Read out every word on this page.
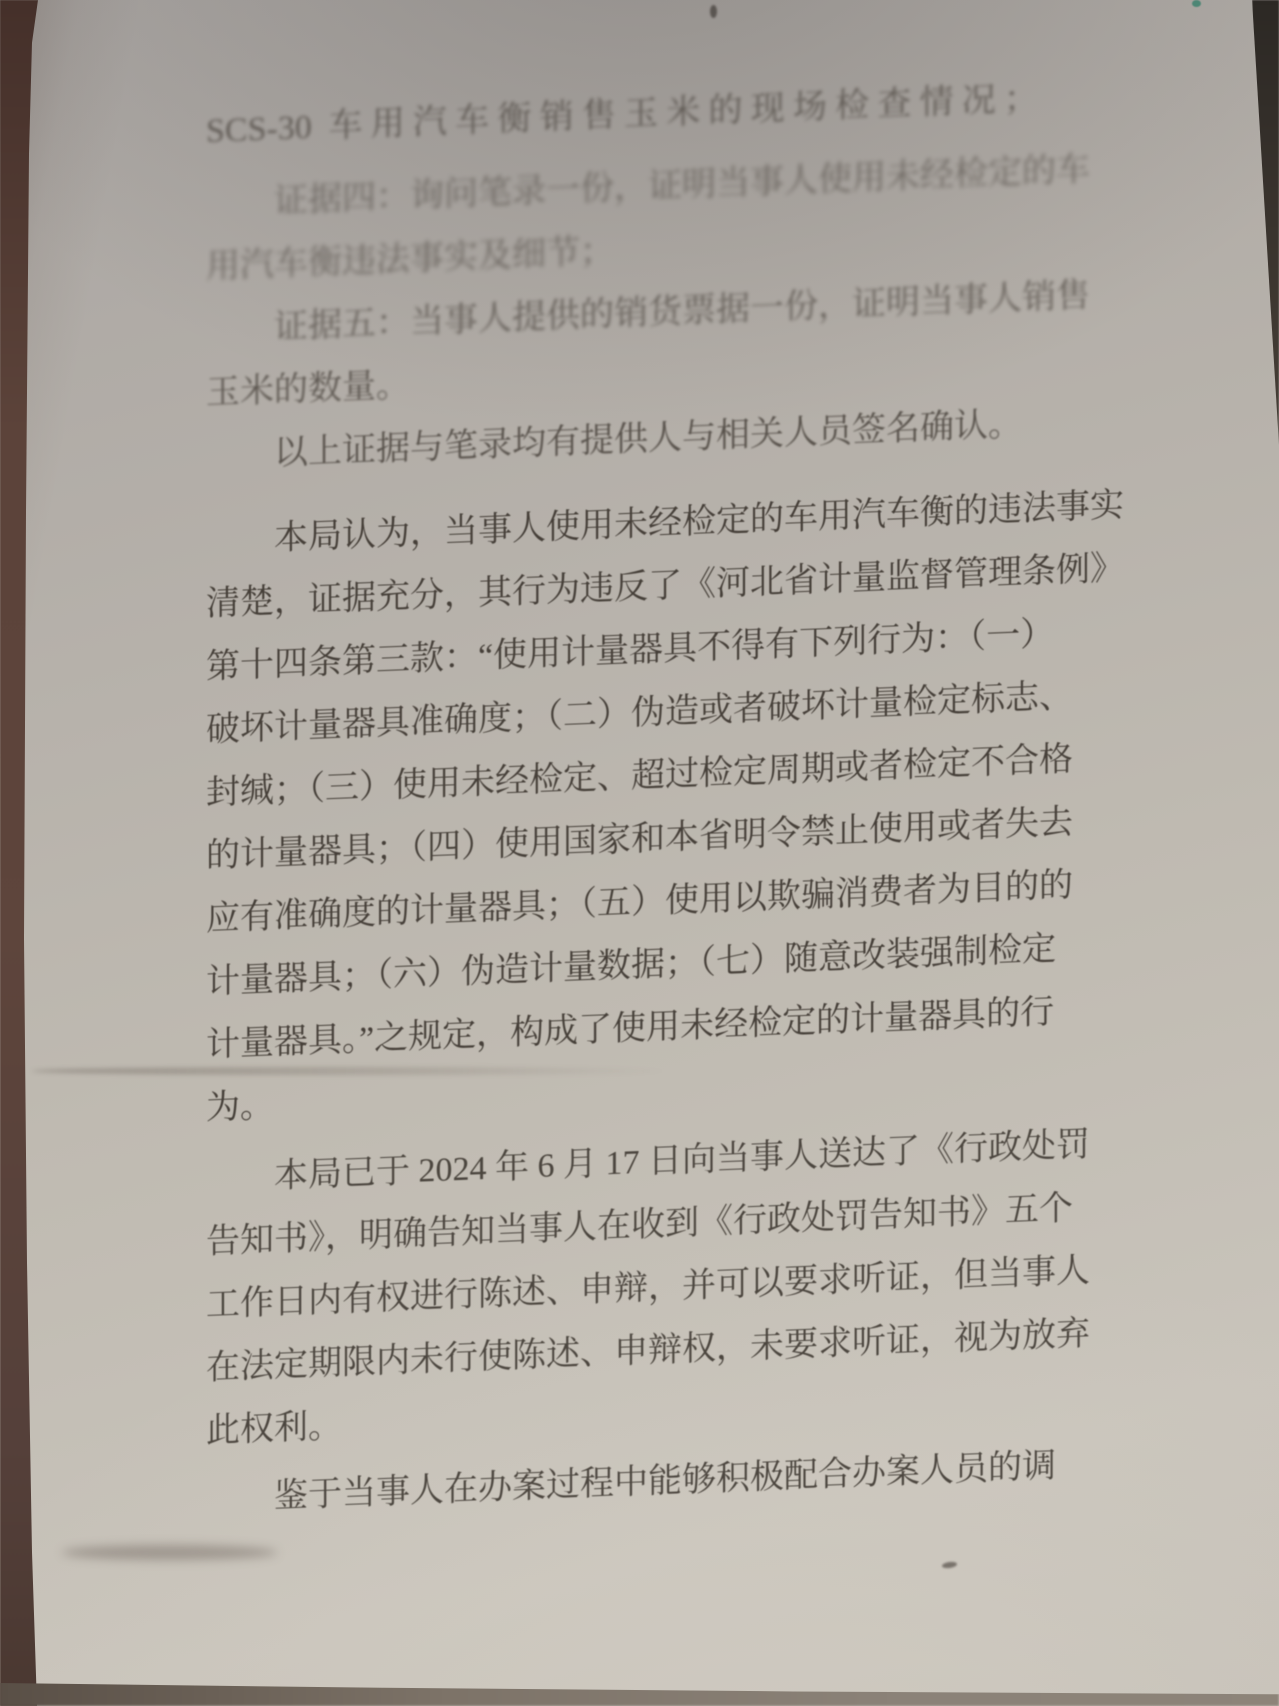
SCS-30 车用汽车衡销售玉米的现场检查情况；

证据四：询问笔录一份，证明当事人使用未经检定的车

用汽车衡违法事实及细节；

证据五：当事人提供的销货票据一份，证明当事人销售

玉米的数量。

以上证据与笔录均有提供人与相关人员签名确认。

本局认为，当事人使用未经检定的车用汽车衡的违法事实

清楚，证据充分，其行为违反了《河北省计量监督管理条例》

第十四条第三款：“使用计量器具不得有下列行为：（一）

破坏计量器具准确度；（二）伪造或者破坏计量检定标志、

封缄；（三）使用未经检定、超过检定周期或者检定不合格

的计量器具；（四）使用国家和本省明令禁止使用或者失去

应有准确度的计量器具；（五）使用以欺骗消费者为目的的

计量器具；（六）伪造计量数据；（七）随意改装强制检定

计量器具。”之规定，构成了使用未经检定的计量器具的行

为。

本局已于 2024 年 6 月 17 日向当事人送达了《行政处罚

告知书》，明确告知当事人在收到《行政处罚告知书》五个

工作日内有权进行陈述、申辩，并可以要求听证，但当事人

在法定期限内未行使陈述、申辩权，未要求听证，视为放弃

此权利。

鉴于当事人在办案过程中能够积极配合办案人员的调
